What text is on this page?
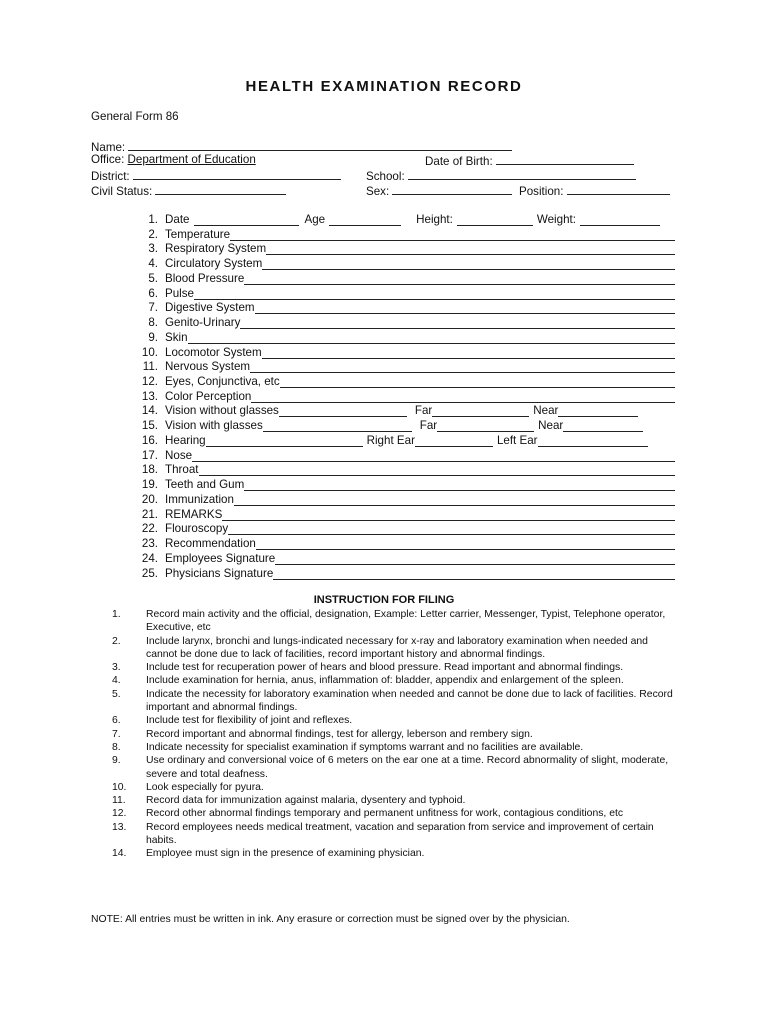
HEALTH EXAMINATION RECORD
General Form 86
Name:
Office: Department of Education	Date of Birth:
District:	School:
Civil Status:	Sex:	Position:
1. Date	Age	Height:	Weight:
2. Temperature
3. Respiratory System
4. Circulatory System
5. Blood Pressure
6. Pulse
7. Digestive System
8. Genito-Urinary
9. Skin
10. Locomotor System
11. Nervous System
12. Eyes, Conjunctiva, etc
13. Color Perception
14. Vision without glasses	Far	Near
15. Vision with glasses	Far	Near
16. Hearing	Right Ear	Left Ear
17. Nose
18. Throat
19. Teeth and Gum
20. Immunization
21. REMARKS
22. Flouroscopy
23. Recommendation
24. Employees Signature
25. Physicians Signature
INSTRUCTION FOR FILING
1.	Record main activity and the official, designation, Example: Letter carrier, Messenger, Typist, Telephone operator, Executive, etc
2.	Include larynx, bronchi and lungs-indicated necessary for x-ray and laboratory examination when needed and cannot be done due to lack of facilities, record important history and abnormal findings.
3.	Include test for recuperation power of hears and blood pressure. Read important and abnormal findings.
4.	Include examination for hernia, anus, inflammation of: bladder, appendix and enlargement of the spleen.
5.	Indicate the necessity for laboratory examination when needed and cannot be done due to lack of facilities. Record important and abnormal findings.
6.	Include test for flexibility of joint and reflexes.
7.	Record important and abnormal findings, test for allergy, leberson and rembery sign.
8.	Indicate necessity for specialist examination if symptoms warrant and no facilities are available.
9.	Use ordinary and conversional voice of 6 meters on the ear one at a time. Record abnormality of slight, moderate, severe and total deafness.
10.	Look especially for pyura.
11.	Record data for immunization against malaria, dysentery and typhoid.
12.	Record other abnormal findings temporary and permanent unfitness for work, contagious conditions, etc
13.	Record employees needs medical treatment, vacation and separation from service and improvement of certain habits.
14.	Employee must sign in the presence of examining physician.
NOTE: All entries must be written in ink. Any erasure or correction must be signed over by the physician.
